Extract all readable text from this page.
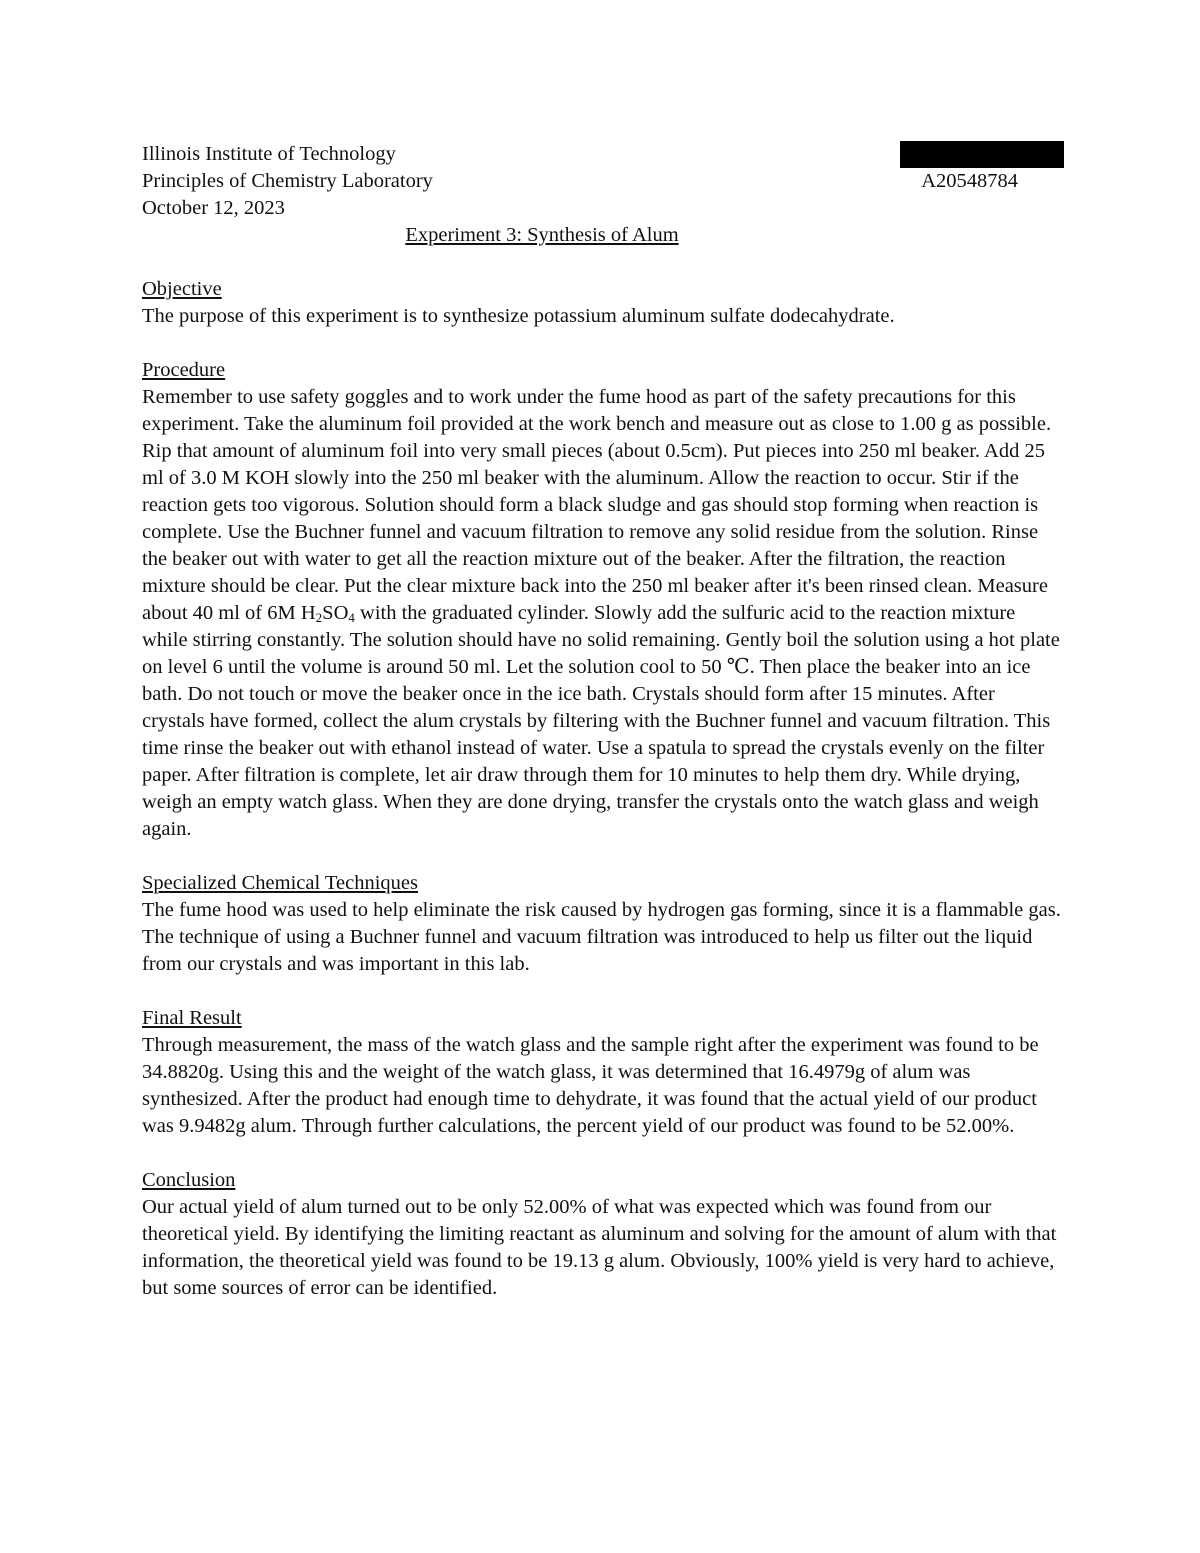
Illinois Institute of Technology
Principles of Chemistry Laboratory	A20548784
October 12, 2023
Experiment 3: Synthesis of Alum
Objective

The purpose of this experiment is to synthesize potassium aluminum sulfate dodecahydrate.

Procedure

Remember to use safety goggles and to work under the fume hood as part of the safety precautions for this experiment. Take the aluminum foil provided at the work bench and measure out as close to 1.00 g as possible. Rip that amount of aluminum foil into very small pieces (about 0.5cm). Put pieces into 250 ml beaker. Add 25 ml of 3.0 M KOH slowly into the 250 ml beaker with the aluminum. Allow the reaction to occur. Stir if the reaction gets too vigorous. Solution should form a black sludge and gas should stop forming when reaction is complete. Use the Buchner funnel and vacuum filtration to remove any solid residue from the solution. Rinse the beaker out with water to get all the reaction mixture out of the beaker. After the filtration, the reaction mixture should be clear. Put the clear mixture back into the 250 ml beaker after it's been rinsed clean. Measure about 40 ml of 6M $H_2SO_4$ with the graduated cylinder. Slowly add the sulfuric acid to the reaction mixture while stirring constantly. The solution should have no solid remaining. Gently boil the solution using a hot plate on level 6 until the volume is around 50 ml. Let the solution cool to 50 ℃. Then place the beaker into an ice bath. Do not touch or move the beaker once in the ice bath. Crystals should form after 15 minutes. After crystals have formed, collect the alum crystals by filtering with the Buchner funnel and vacuum filtration. This time rinse the beaker out with ethanol instead of water. Use a spatula to spread the crystals evenly on the filter paper. After filtration is complete, let air draw through them for 10 minutes to help them dry. While drying, weigh an empty watch glass. When they are done drying, transfer the crystals onto the watch glass and weigh again.

Specialized Chemical Techniques

The fume hood was used to help eliminate the risk caused by hydrogen gas forming, since it is a flammable gas. The technique of using a Buchner funnel and vacuum filtration was introduced to help us filter out the liquid from our crystals and was important in this lab.

Final Result

Through measurement, the mass of the watch glass and the sample right after the experiment was found to be 34.8820g. Using this and the weight of the watch glass, it was determined that 16.4979g of alum was synthesized. After the product had enough time to dehydrate, it was found that the actual yield of our product was 9.9482g alum. Through further calculations, the percent yield of our product was found to be 52.00%.

Conclusion

Our actual yield of alum turned out to be only 52.00% of what was expected which was found from our theoretical yield. By identifying the limiting reactant as aluminum and solving for the amount of alum with that information, the theoretical yield was found to be 19.13 g alum. Obviously, 100% yield is very hard to achieve, but some sources of error can be identified.
